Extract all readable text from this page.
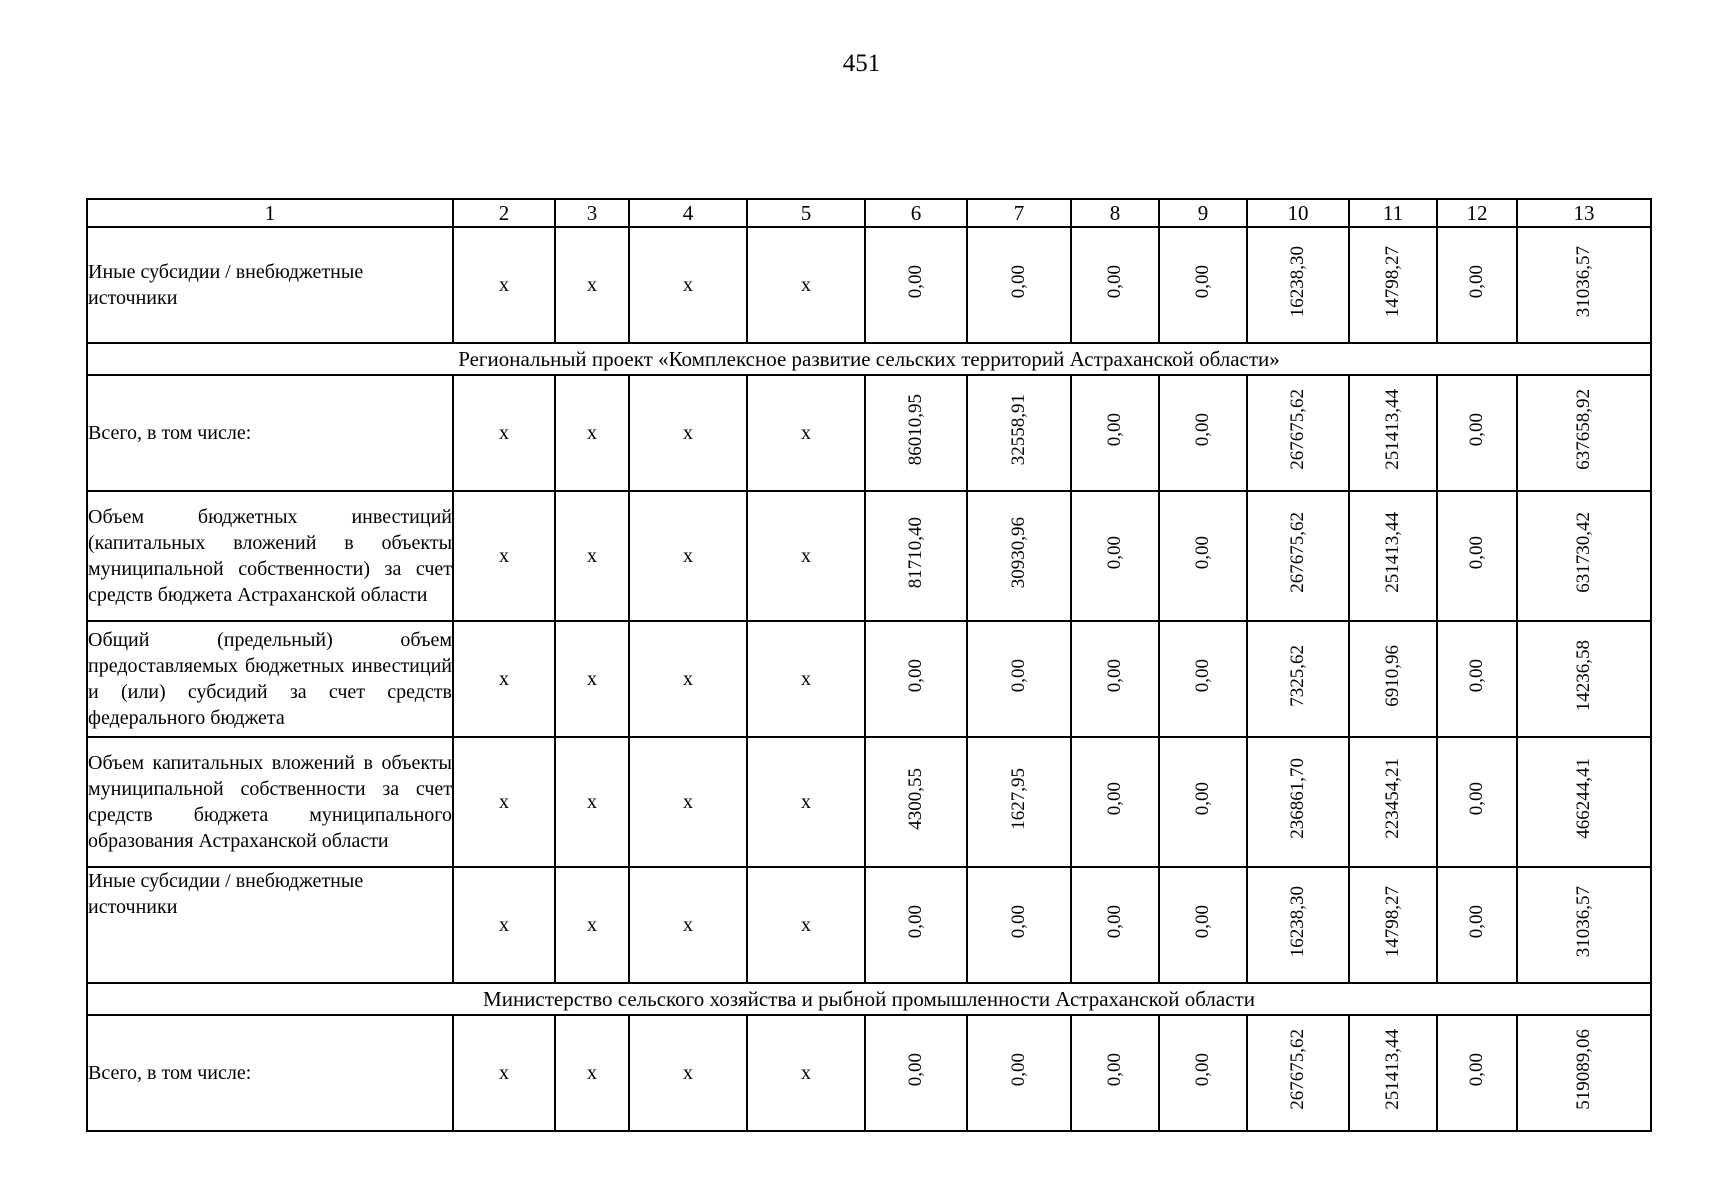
451
1	2	3	4	5	6	7	8	9	10	11	12	13
Иные субсидии / внебюджетные источники	х	х	х	х	0,00	0,00	0,00	0,00	16238,30	14798,27	0,00	31036,57
Региональный проект «Комплексное развитие сельских территорий Астраханской области»												
Всего, в том числе:	х	х	х	х	86010,95	32558,91	0,00	0,00	267675,62	251413,44	0,00	637658,92
Объем бюджетных инвестиций (капитальных вложений в объекты муниципальной собственности) за счет средств бюджета Астраханской области	х	х	х	х	81710,40	30930,96	0,00	0,00	267675,62	251413,44	0,00	631730,42
Общий (предельный) объем предоставляемых бюджетных инвестиций и (или) субсидий за счет средств федерального бюджета	х	х	х	х	0,00	0,00	0,00	0,00	7325,62	6910,96	0,00	14236,58
Объем капитальных вложений в объекты муниципальной собственности за счет средств бюджета муниципального образования Астраханской области	х	х	х	х	4300,55	1627,95	0,00	0,00	236861,70	223454,21	0,00	466244,41
Иные субсидии / внебюджетные источники	х	х	х	х	0,00	0,00	0,00	0,00	16238,30	14798,27	0,00	31036,57
Министерство сельского хозяйства и рыбной промышленности Астраханской области												
Всего, в том числе:	х	х	х	х	0,00	0,00	0,00	0,00	267675,62	251413,44	0,00	519089,06
